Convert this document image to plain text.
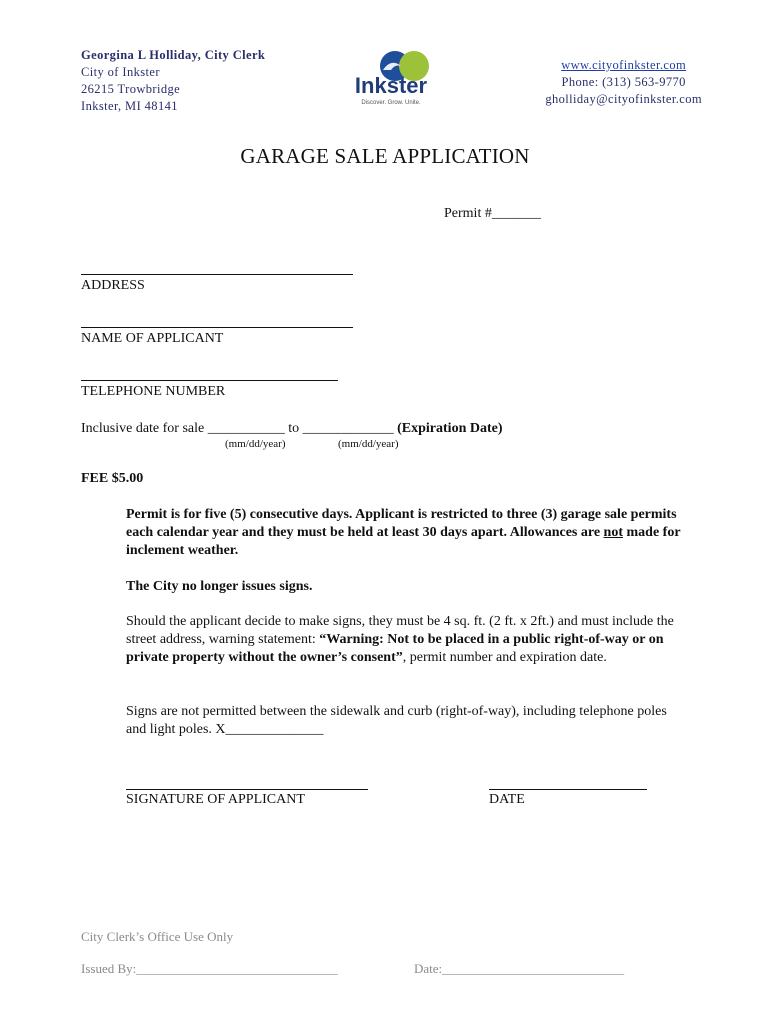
Georgina L Holliday, City Clerk
City of Inkster
26215 Trowbridge
Inkster, MI 48141
Inkster
Discover. Grow. Unite.
www.cityofinkster.com
Phone: (313) 563-9770
gholliday@cityofinkster.com
GARAGE SALE APPLICATION
Permit #_______
ADDRESS
NAME OF APPLICANT
TELEPHONE NUMBER
Inclusive date for sale ___________ to _____________ (Expiration Date)
(mm/dd/year)	(mm/dd/year)
FEE $5.00
Permit is for five (5) consecutive days. Applicant is restricted to three (3) garage sale permits each calendar year and they must be held at least 30 days apart. Allowances are not made for inclement weather.
The City no longer issues signs.
Should the applicant decide to make signs, they must be 4 sq. ft. (2 ft. x 2ft.) and must include the street address, warning statement: “Warning: Not to be placed in a public right-of-way or on private property without the owner’s consent”, permit number and expiration date.
Signs are not permitted between the sidewalk and curb (right-of-way), including telephone poles and light poles. X______________
SIGNATURE OF APPLICANT	DATE
City Clerk’s Office Use Only
Issued By:_______________________________	Date:____________________________
